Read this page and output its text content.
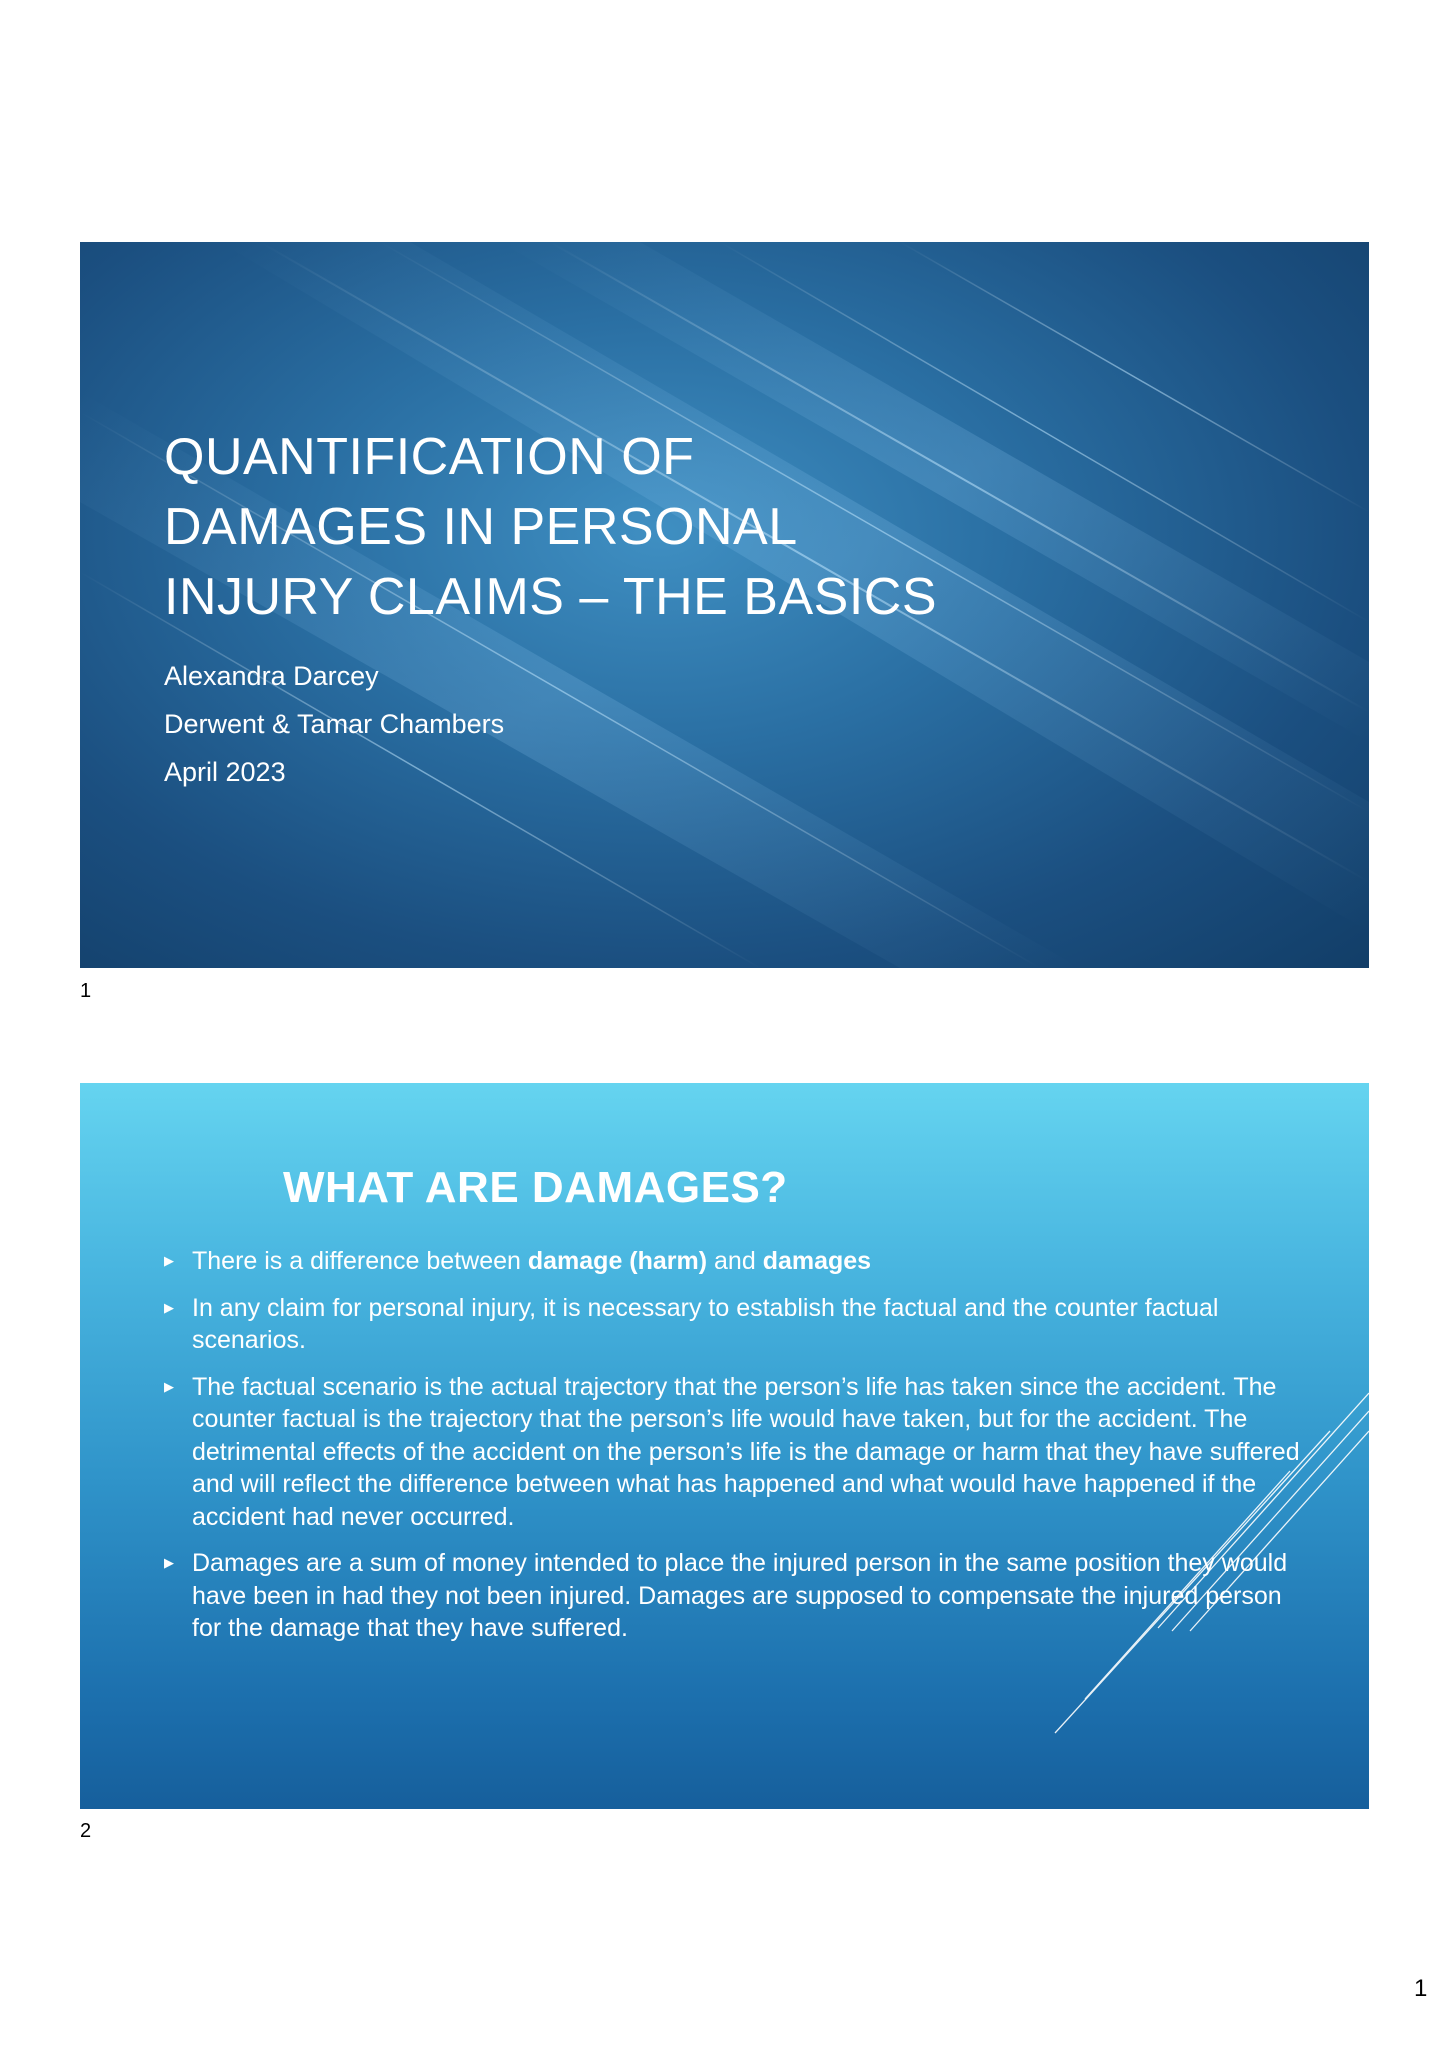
QUANTIFICATION OF
DAMAGES IN PERSONAL
INJURY CLAIMS – THE BASICS
Alexandra Darcey
Derwent & Tamar Chambers
April 2023
1
WHAT ARE DAMAGES?
▶ There is a difference between damage (harm) and damages
▶ In any claim for personal injury, it is necessary to establish the factual and the counter factual scenarios.
▶ The factual scenario is the actual trajectory that the person’s life has taken since the accident. The counter factual is the trajectory that the person’s life would have taken, but for the accident. The detrimental effects of the accident on the person’s life is the damage or harm that they have suffered and will reflect the difference between what has happened and what would have happened if the accident had never occurred.
▶ Damages are a sum of money intended to place the injured person in the same position they would have been in had they not been injured. Damages are supposed to compensate the injured person for the damage that they have suffered.
2
1
